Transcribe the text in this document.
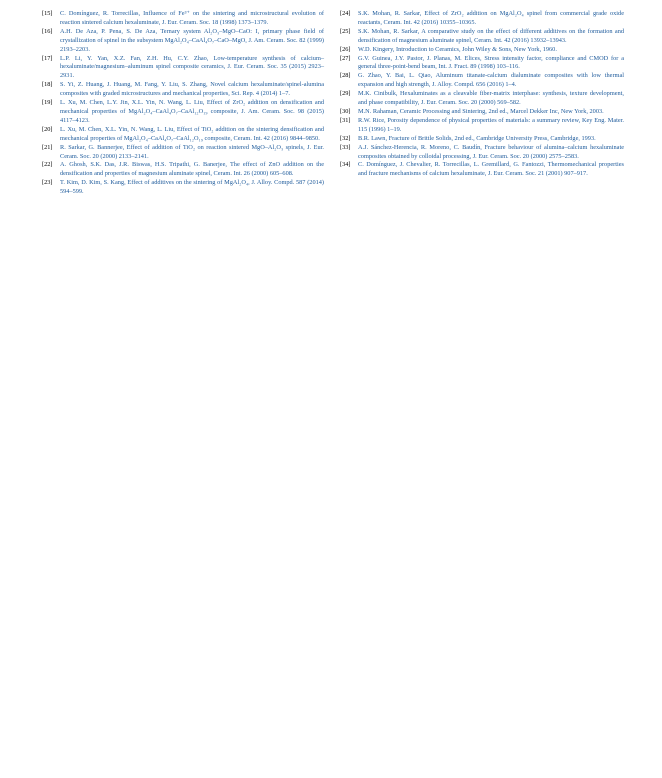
[15]	C. Domínguez, R. Torrecillas, Influence of Fe³⁺ on the sintering and microstructural evolution of reaction sintered calcium hexaluminate, J. Eur. Ceram. Soc. 18 (1998) 1373–1379.
[16]	A.H. De Aza, P. Pena, S. De Aza, Ternary system Al₂O₃–MgO–CaO: I, primary phase field of crystallization of spinel in the subsystem MgAl₂O₄–CaAl₄O₇–CaO–MgO, J. Am. Ceram. Soc. 82 (1999) 2193–2203.
[17]	L.P. Li, Y. Yan, X.Z. Fan, Z.H. Hu, C.Y. Zhao, Low-temperature synthesis of calcium–hexaluminate/magnesium–aluminum spinel composite ceramics, J. Eur. Ceram. Soc. 35 (2015) 2923–2931.
[18]	S. Yi, Z. Huang, J. Huang, M. Fang, Y. Liu, S. Zhang, Novel calcium hexaluminate/spinel-alumina composites with graded microstructures and mechanical properties, Sci. Rep. 4 (2014) 1–7.
[19]	L. Xu, M. Chen, L.Y. Jin, X.L. Yin, N. Wang, L. Liu, Effect of ZrO₂ addition on densification and mechanical properties of MgAl₂O₄–CaAl₄O₇–CaAl₁₂O₁₉ composite, J. Am. Ceram. Soc. 98 (2015) 4117–4123.
[20]	L. Xu, M. Chen, X.L. Yin, N. Wang, L. Liu, Effect of TiO₂ addition on the sintering densification and mechanical properties of MgAl₂O₄–CaAl₄O₇–CaAl₁₂O₁₉ composite, Ceram. Int. 42 (2016) 9844–9850.
[21]	R. Sarkar, G. Bannerjee, Effect of addition of TiO₂ on reaction sintered MgO–Al₂O₃ spinels, J. Eur. Ceram. Soc. 20 (2000) 2133–2141.
[22]	A. Ghosh, S.K. Das, J.R. Biswas, H.S. Tripathi, G. Banerjee, The effect of ZnO addition on the densification and properties of magnesium aluminate spinel, Ceram. Int. 26 (2000) 605–608.
[23]	T. Kim, D. Kim, S. Kang, Effect of additives on the sintering of MgAl₂O₄, J. Alloy. Compd. 587 (2014) 594–599.
[24]	S.K. Mohan, R. Sarkar, Effect of ZrO₂ addition on MgAl₂O₄ spinel from commercial grade oxide reactants, Ceram. Int. 42 (2016) 10355–10365.
[25]	S.K. Mohan, R. Sarkar, A comparative study on the effect of different additives on the formation and densification of magnesium aluminate spinel, Ceram. Int. 42 (2016) 13932–13943.
[26]	W.D. Kingery, Introduction to Ceramics, John Wiley & Sons, New York, 1960.
[27]	G.V. Guinea, J.Y. Pastor, J. Planas, M. Elices, Stress intensity factor, compliance and CMOD for a general three-point-bend beam, Int. J. Fract. 89 (1998) 103–116.
[28]	G. Zhao, Y. Bai, L. Qiao, Aluminum titanate-calcium dialuminate composites with low thermal expansion and high strength, J. Alloy. Compd. 656 (2016) 1–4.
[29]	M.K. Cinibulk, Hexaluminates as a cleavable fiber-matrix interphase: synthesis, texture development, and phase compatibility, J. Eur. Ceram. Soc. 20 (2000) 569–582.
[30]	M.N. Rahaman, Ceramic Processing and Sintering, 2nd ed., Marcel Dekker Inc, New York, 2003.
[31]	R.W. Rice, Porosity dependence of physical properties of materials: a summary review, Key Eng. Mater. 115 (1996) 1–19.
[32]	B.R. Lawn, Fracture of Brittle Solids, 2nd ed., Cambridge University Press, Cambridge, 1993.
[33]	A.J. Sánchez-Herencia, R. Moreno, C. Baudín, Fracture behaviour of alumina–calcium hexaluminate composites obtained by colloidal processing, J. Eur. Ceram. Soc. 20 (2000) 2575–2583.
[34]	C. Domínguez, J. Chevalier, R. Torrecillas, L. Gremillard, G. Fantozzi, Thermomechanical properties and fracture mechanisms of calcium hexaluminate, J. Eur. Ceram. Soc. 21 (2001) 907–917.
